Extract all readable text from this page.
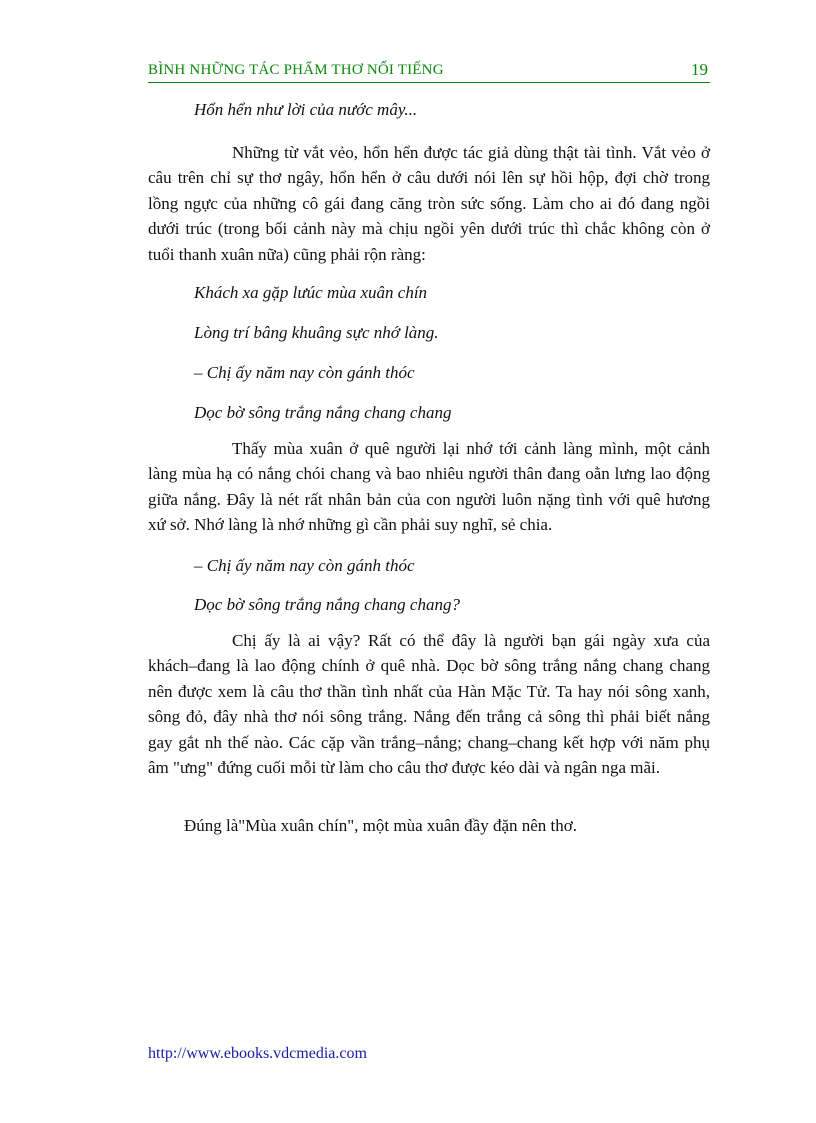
BÌNH NHỮNG TÁC PHẨM THƠ NỔI TIẾNG	19
Hổn hển như lời của nước mây...

Những từ vắt vẻo, hổn hển được tác giả dùng thật tài tình. Vắt vẻo ở câu trên chỉ sự thơ ngây, hổn hển ở câu dưới nói lên sự hồi hộp, đợi chờ trong lồng ngực của những cô gái đang căng tròn sức sống. Làm cho ai đó đang ngồi dưới trúc (trong bối cảnh này mà chịu ngồi yên dưới trúc thì chắc không còn ở tuổi thanh xuân nữa) cũng phải rộn ràng:

Khách xa gặp lưúc mùa xuân chín
Lòng trí bâng khuâng sực nhớ làng.
– Chị ấy năm nay còn gánh thóc
Dọc bờ sông trắng nắng chang chang

Thấy mùa xuân ở quê người lại nhớ tới cảnh làng mình, một cảnh làng mùa hạ có nắng chói chang và bao nhiêu người thân đang oằn lưng lao động giữa nắng. Đây là nét rất nhân bản của con người luôn nặng tình với quê hương xứ sở. Nhớ làng là nhớ những gì cần phải suy nghĩ, sẻ chia.

– Chị ấy năm nay còn gánh thóc
Dọc bờ sông trắng nắng chang chang?

Chị ấy là ai vậy? Rất có thể đây là người bạn gái ngày xưa của khách–đang là lao động chính ở quê nhà. Dọc bờ sông trắng nắng chang chang nên được xem là câu thơ thần tình nhất của Hàn Mặc Tử. Ta hay nói sông xanh, sông đỏ, đây nhà thơ nói sông trắng. Nắng đến trắng cả sông thì phải biết nắng gay gắt nh thế nào. Các cặp vần trắng–nắng; chang–chang kết hợp với năm phụ âm "ưng" đứng cuối mỗi từ làm cho câu thơ được kéo dài và ngân nga mãi.

Đúng là"Mùa xuân chín", một mùa xuân đầy đặn nên thơ.
http://www.ebooks.vdcmedia.com
